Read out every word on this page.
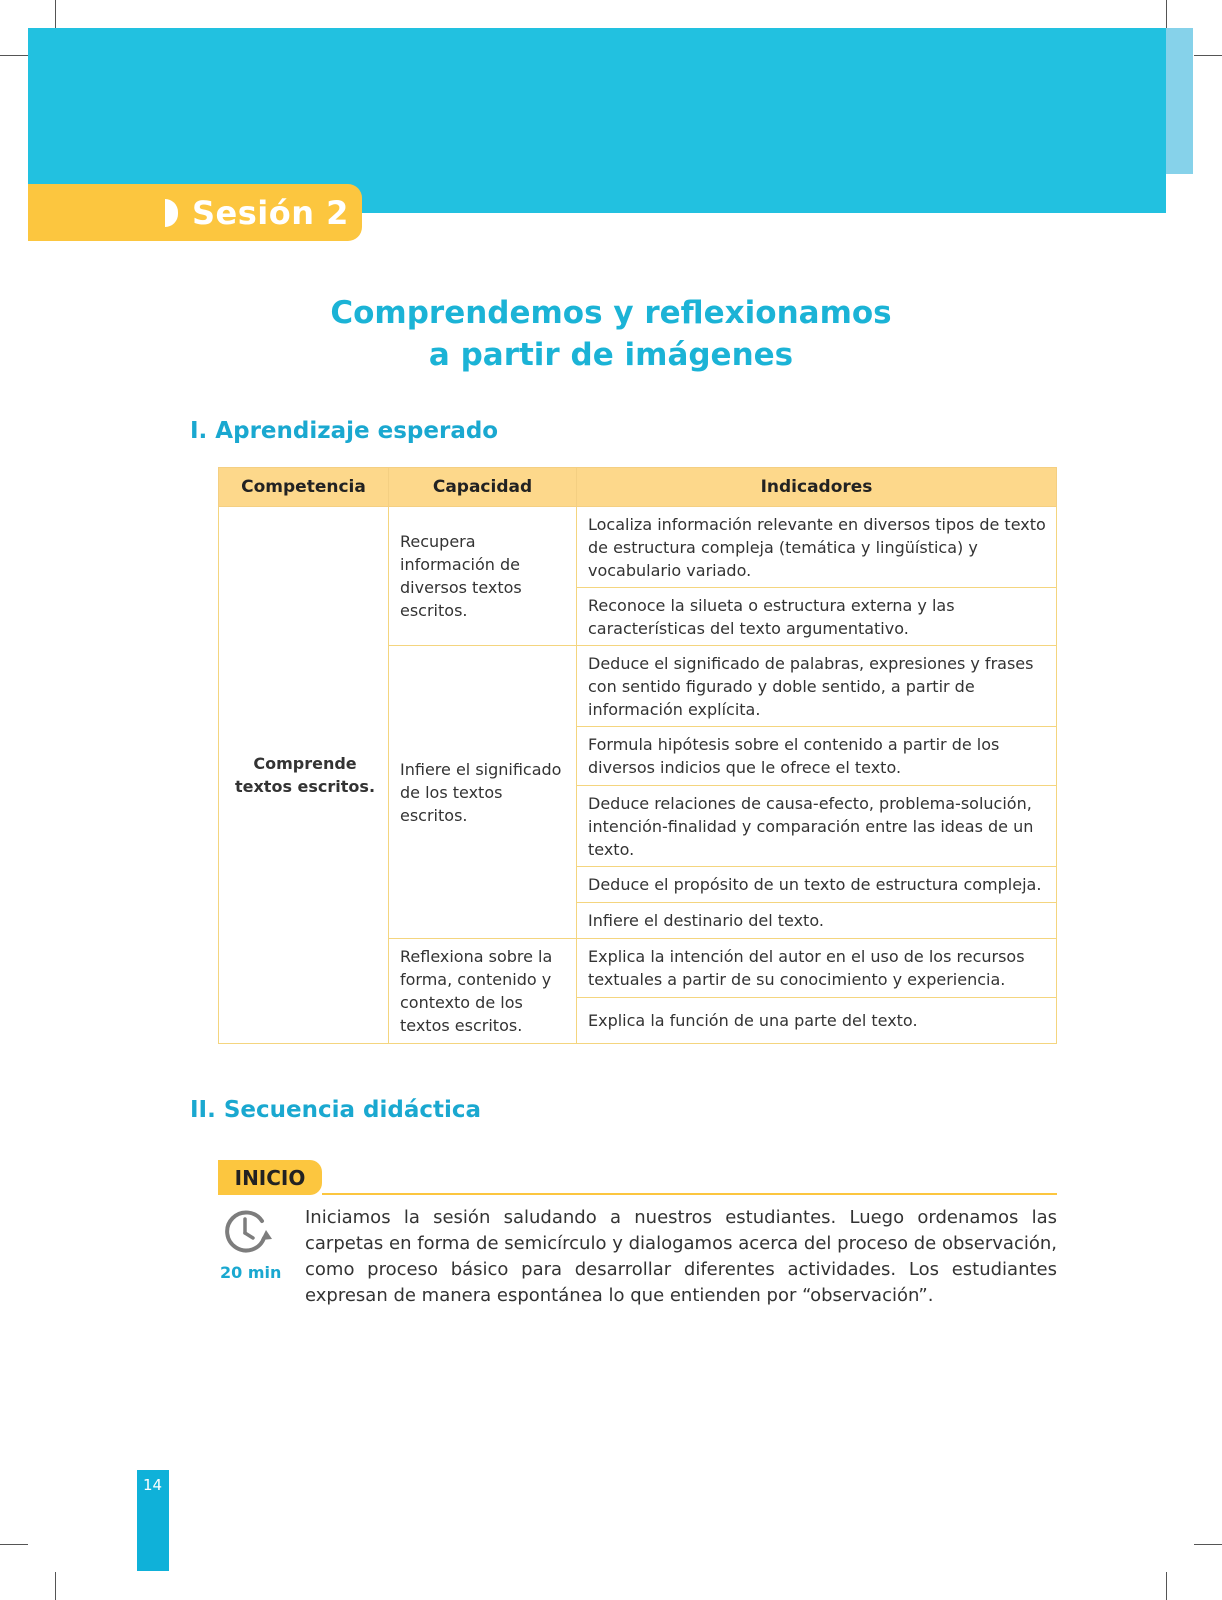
Sesión 2
Comprendemos y reflexionamos
a partir de imágenes
I. Aprendizaje esperado
Competencia	Capacidad	Indicadores
Comprende textos escritos.	Recupera información de diversos textos escritos.	Localiza información relevante en diversos tipos de texto de estructura compleja (temática y lingüística) y vocabulario variado.
		Reconoce la silueta o estructura externa y las características del texto argumentativo.
	Infiere el significado de los textos escritos.	Deduce el significado de palabras, expresiones y frases con sentido figurado y doble sentido, a partir de información explícita.
		Formula hipótesis sobre el contenido a partir de los diversos indicios que le ofrece el texto.
		Deduce relaciones de causa-efecto, problema-solución, intención-finalidad y comparación entre las ideas de un texto.
		Deduce el propósito de un texto de estructura compleja.
		Infiere el destinario del texto.
	Reflexiona sobre la forma, contenido y contexto de los textos escritos.	Explica la intención del autor en el uso de los recursos textuales a partir de su conocimiento y experiencia.
		Explica la función de una parte del texto.
II. Secuencia didáctica
INICIO
20 min
Iniciamos la sesión saludando a nuestros estudiantes. Luego ordenamos las carpetas en forma de semicírculo y dialogamos acerca del proceso de observación, como proceso básico para desarrollar diferentes actividades. Los estudiantes expresan de manera espontánea lo que entienden por “observación”.
14
